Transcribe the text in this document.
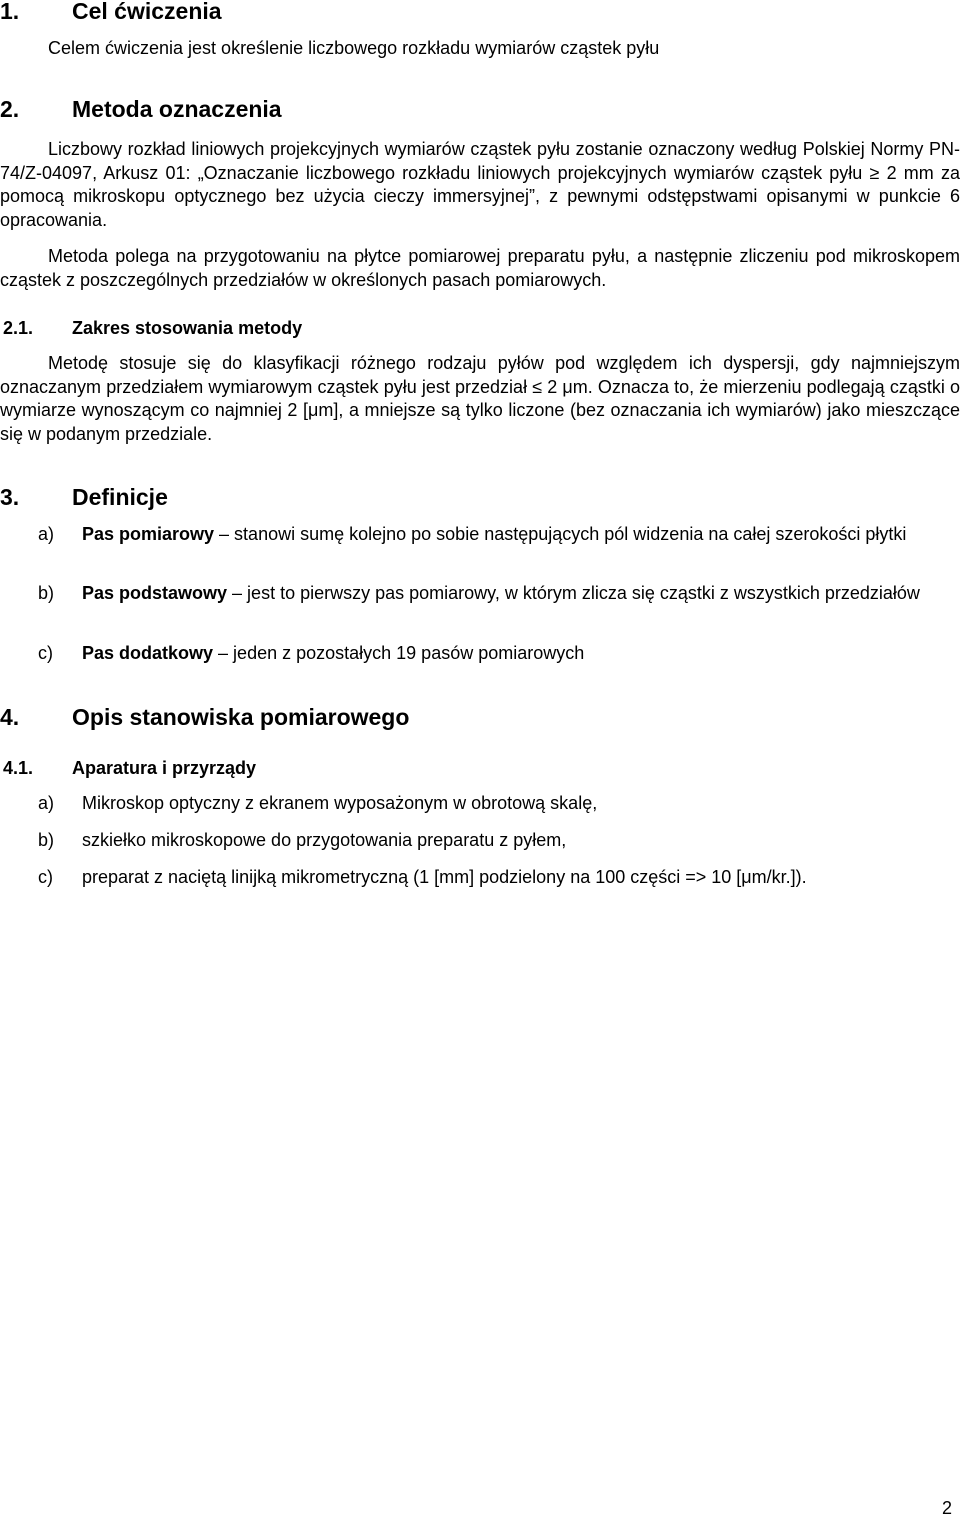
1. Cel ćwiczenia
Celem ćwiczenia jest określenie liczbowego rozkładu wymiarów cząstek pyłu
2. Metoda oznaczenia
Liczbowy rozkład liniowych projekcyjnych wymiarów cząstek pyłu zostanie oznaczony według Polskiej Normy PN-74/Z-04097, Arkusz 01: „Oznaczanie liczbowego rozkładu liniowych projekcyjnych wymiarów cząstek pyłu ≥ 2 mm za pomocą mikroskopu optycznego bez użycia cieczy immersyjnej”, z pewnymi odstępstwami opisanymi w punkcie 6 opracowania.
Metoda polega na przygotowaniu na płytce pomiarowej preparatu pyłu, a następnie zliczeniu pod mikroskopem cząstek z poszczególnych przedziałów w określonych pasach pomiarowych.
2.1. Zakres stosowania metody
Metodę stosuje się do klasyfikacji różnego rodzaju pyłów pod względem ich dyspersji, gdy najmniejszym oznaczanym przedziałem wymiarowym cząstek pyłu jest przedział ≤ 2 μm. Oznacza to, że mierzeniu podlegają cząstki o wymiarze wynoszącym co najmniej 2 [μm], a mniejsze są tylko liczone (bez oznaczania ich wymiarów) jako mieszczące się w podanym przedziale.
3. Definicje
a) Pas pomiarowy – stanowi sumę kolejno po sobie następujących pól widzenia na całej szerokości płytki
b) Pas podstawowy – jest to pierwszy pas pomiarowy, w którym zlicza się cząstki z wszystkich przedziałów
c) Pas dodatkowy – jeden z pozostałych 19 pasów pomiarowych
4. Opis stanowiska pomiarowego
4.1. Aparatura i przyrządy
a) Mikroskop optyczny z ekranem wyposażonym w obrotową skalę,
b) szkiełko mikroskopowe do przygotowania preparatu z pyłem,
c) preparat z naciętą linijką mikrometryczną (1 [mm] podzielony na 100 części => 10 [μm/kr.]).
2
